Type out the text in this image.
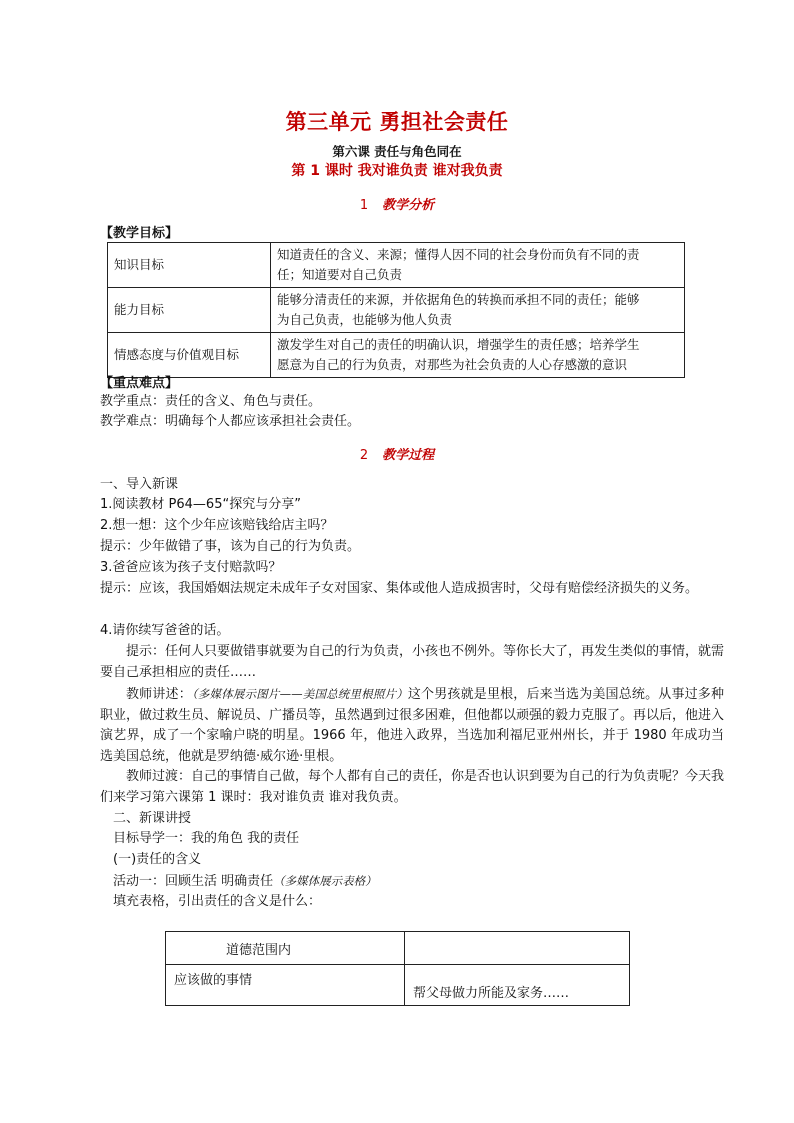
第三单元 勇担社会责任
第六课 责任与角色同在
第 1 课时 我对谁负责 谁对我负责
1 教学分析
【教学目标】
知识目标	知道责任的含义、来源；懂得人因不同的社会身份而负有不同的责
任；知道要对自己负责
能力目标	能够分清责任的来源，并依据角色的转换而承担不同的责任；能够
为自己负责，也能够为他人负责
情感态度与价值观目标	激发学生对自己的责任的明确认识，增强学生的责任感；培养学生
愿意为自己的行为负责，对那些为社会负责的人心存感激的意识
【重点难点】
教学重点：责任的含义、角色与责任。
教学难点：明确每个人都应该承担社会责任。
2 教学过程
一、导入新课
1.阅读教材 P64—65“探究与分享”
2.想一想：这个少年应该赔钱给店主吗？
提示：少年做错了事，该为自己的行为负责。
3.爸爸应该为孩子支付赔款吗？
提示：应该，我国婚姻法规定未成年子女对国家、集体或他人造成损害时，父母有赔偿经济损失的义务。
4.请你续写爸爸的话。
提示：任何人只要做错事就要为自己的行为负责，小孩也不例外。等你长大了，再发生类似的事情，就需要自己承担相应的责任……
教师讲述：（多媒体展示图片——美国总统里根照片）这个男孩就是里根，后来当选为美国总统。从事过多种职业，做过救生员、解说员、广播员等，虽然遇到过很多困难，但他都以顽强的毅力克服了。再以后，他进入演艺界，成了一个家喻户晓的明星。1966 年，他进入政界，当选加利福尼亚州州长，并于 1980 年成功当选美国总统，他就是罗纳德·威尔逊·里根。
教师过渡：自己的事情自己做，每个人都有自己的责任，你是否也认识到要为自己的行为负责呢？今天我们来学习第六课第 1 课时：我对谁负责 谁对我负责。
二、新课讲授
目标导学一：我的角色 我的责任
(一)责任的含义
活动一：回顾生活 明确责任（多媒体展示表格）
填充表格，引出责任的含义是什么：
道德范围内	
应该做的事情	帮父母做力所能及家务……
